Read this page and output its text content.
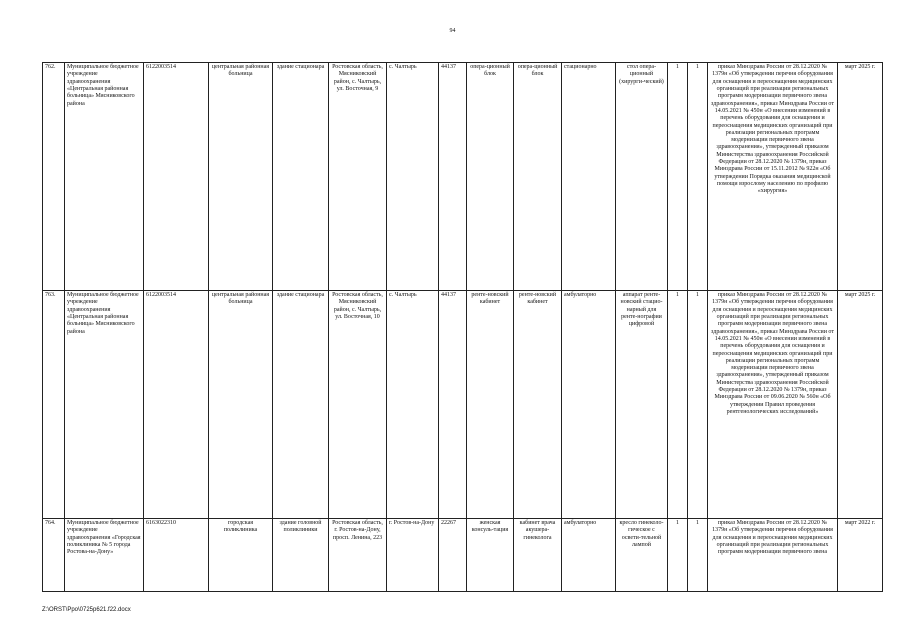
94
762.	Муниципальное бюджетное учреждение здравоохранения «Центральная районная больница» Мясниковского района	6122003514	центральная районная больница	здание стационара	Ростовская область, Мясниковский район, с. Чалтырь, ул. Восточная, 9	с. Чалтырь	44137	опера-ционный блок	опера-ционный блок	стационарно	стол опера-ционный (хирурги-ческий)	1	1	приказ Минздрава России от 28.12.2020 № 1379н «Об утверждении перечня оборудования для оснащения и переоснащения медицинских организаций при реализации региональных программ модернизации первичного звена здравоохранения», приказ Минздрава России от 14.05.2021 № 450н «О внесении изменений в перечень оборудования для оснащения и переоснащения медицинских организаций при реализации региональных программ модернизации первичного звена здравоохранения», утвержденный приказом Министерства здравоохранения Российской Федерации от 28.12.2020 № 1379н, приказ Минздрава России от 15.11.2012 № 922н «Об утверждении Порядка оказания медицинской помощи взрослому населению по профилю «хирургия»	март 2025 г.
763.	Муниципальное бюджетное учреждение здравоохранения «Центральная районная больница» Мясниковского района	6122003514	центральная районная больница	здание стационара	Ростовская область, Мясниковский район, с. Чалтырь, ул. Восточная, 10	с. Чалтырь	44137	ренте-новский кабинет	ренте-новский кабинет	амбулаторно	аппарат ренте-новский стацио-нарный для ренте-нографии цифровой	1	1	приказ Минздрава России от 28.12.2020 № 1379н «Об утверждении перечня оборудования для оснащения и переоснащения медицинских организаций при реализации региональных программ модернизации первичного звена здравоохранения», приказ Минздрава России от 14.05.2021 № 450н «О внесении изменений в перечень оборудования для оснащения и переоснащения медицинских организаций при реализации региональных программ модернизации первичного звена здравоохранения», утвержденный приказом Министерства здравоохранения Российской Федерации от 28.12.2020 № 1379н, приказ Минздрава России от 09.06.2020 № 560н «Об утверждении Правил проведения рентгенологических исследований»	март 2025 г.
764.	Муниципальное бюджетное учреждение здравоохранения «Городская поликлиника № 5 города Ростова-на-Дону»	6163022310	городская поликлиника	здание головной поликлиники	Ростовская область, г. Ростов-на-Дону, просп. Ленина, 223	г. Ростов-на-Дону	22267	женская консуль-тация	кабинет врача акушера-гинеколога	амбулаторно	кресло гинеколо-гическое с освети-тельной лампой	1	1	приказ Минздрава России от 28.12.2020 № 1379н «Об утверждении перечня оборудования для оснащения и переоснащения медицинских организаций при реализации региональных программ модернизации первичного звена	март 2022 г.
Z:\ORST\Ppo\0725p621.f22.docx
